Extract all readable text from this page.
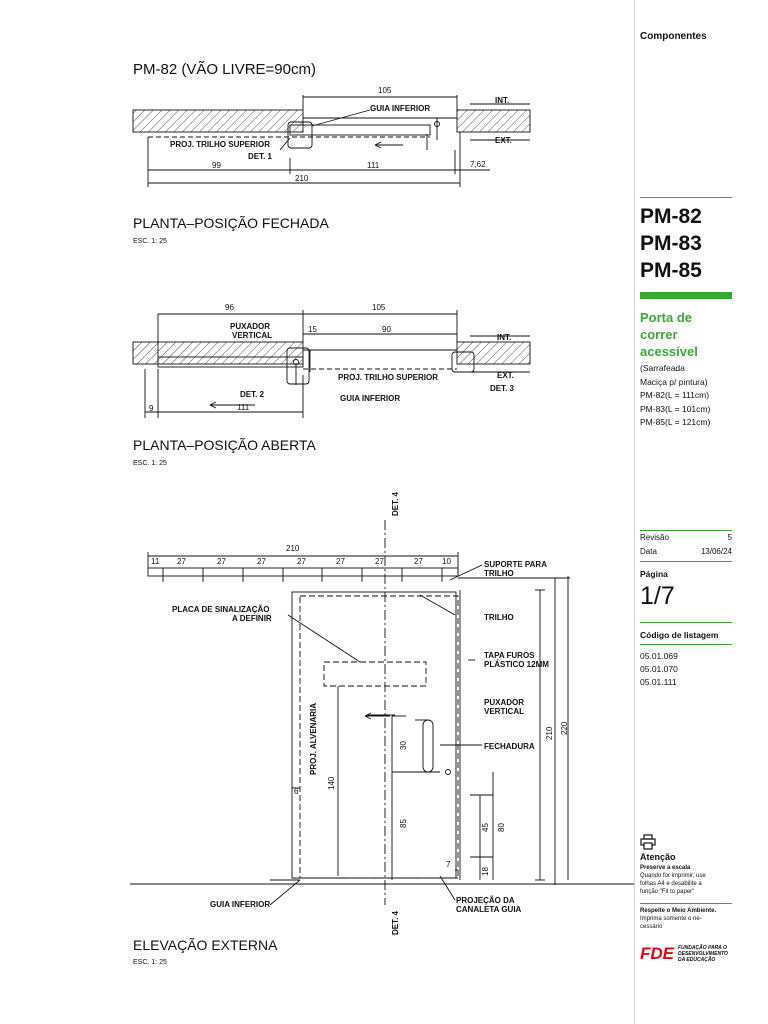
PM-82 (VÃO LIVRE=90cm)
105
INT.
GUIA INFERIOR
PROJ. TRILHO SUPERIOR	EXT.
DET. 1
99	111	7,62
210
PLANTA–POSIÇÃO FECHADA
ESC. 1: 25
96	105
PUXADOR
VERTICAL
15	90
INT.
PROJ. TRILHO SUPERIOR	EXT.
DET. 3
DET. 2	GUIA INFERIOR
9	111
PLANTA–POSIÇÃO ABERTA
ESC. 1: 25
DET. 4
DET. 4
210
11 27	27	27	27	27	27	27 10	SUPORTE PARA
TRILHO
PLACA DE SINALIZAÇÃO
A DEFINIR	TRILHO
TAPA FUROS
PLÁSTICO 12MM
PUXADOR
VERTICAL
FECHADURA
PROJ. ALVENARIA	30
140
85	45 80
18
210 220
6
7
GUIA INFERIOR	PROJEÇÃO DA
CANALETA GUIA
ELEVAÇÃO EXTERNA
ESC. 1: 25
Componentes
PM-82
PM-83
PM-85
Porta de
correr
acessível
(Sarrafeada
Maciça p/ pintura)
PM-82(L = 111cm)
PM-83(L = 101cm)
PM-85(L = 121cm)
Revisão	5
Data	13/06/24
Página
1/7
Código de listagem
05.01.069
05.01.070
05.01.111
Atenção
Preserve a escala
Quando for imprimir, use
folhas A4 e desabilite a
função "Fit to paper"
Respeite o Meio Ambiente.
Imprima somente o ne-
cessário
FDE FUNDAÇÃO PARA O
DESENVOLVIMENTO
DA EDUCAÇÃO
